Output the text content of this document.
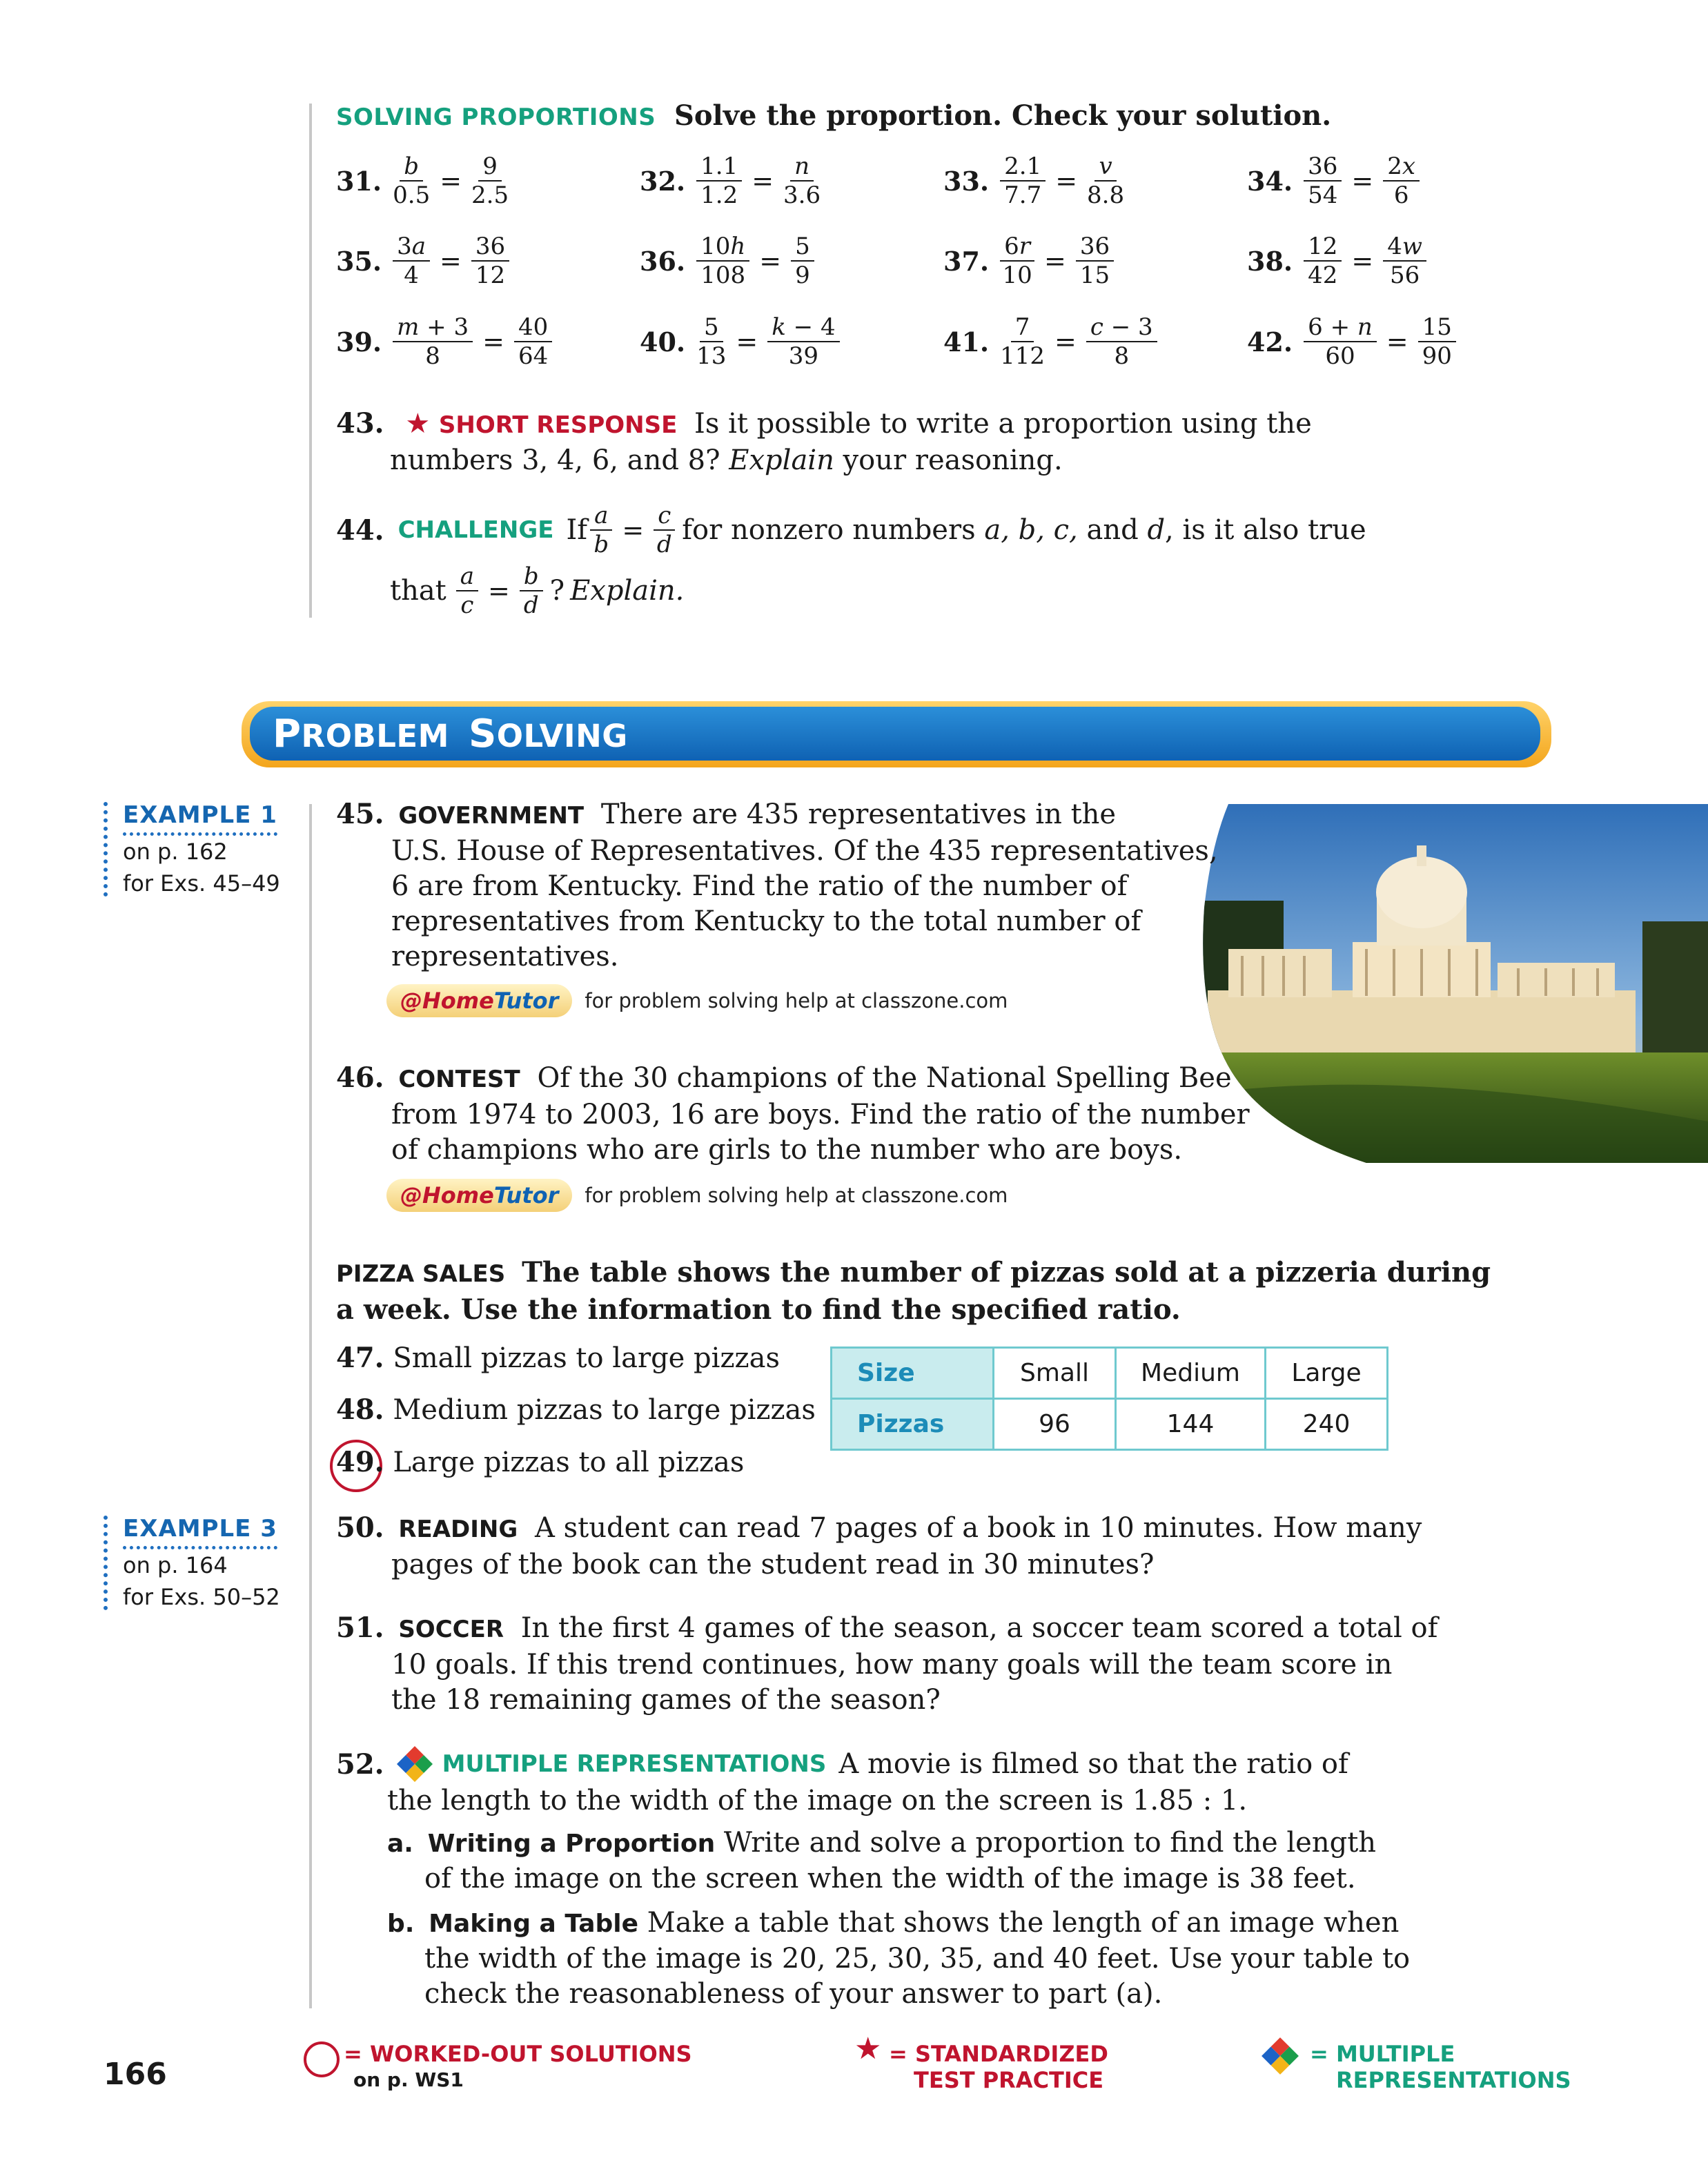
SOLVING PROPORTIONS Solve the proportion. Check your solution.
31. $\frac{b}{0.5} = \frac{9}{2.5}$	32. $\frac{1.1}{1.2} = \frac{n}{3.6}$	33. $\frac{2.1}{7.7} = \frac{v}{8.8}$	34. $\frac{36}{54} = \frac{2x}{6}$
35. $\frac{3a}{4} = \frac{36}{12}$	36. $\frac{10h}{108} = \frac{5}{9}$	37. $\frac{6r}{10} = \frac{36}{15}$	38. $\frac{12}{42} = \frac{4w}{56}$
39. $\frac{m + 3}{8} = \frac{40}{64}$	40. $\frac{5}{13} = \frac{k - 4}{39}$	41. $\frac{7}{112} = \frac{c - 3}{8}$	42. $\frac{6 + n}{60} = \frac{15}{90}$
43. ★ SHORT RESPONSE Is it possible to write a proportion using the
numbers 3, 4, 6, and 8? Explain your reasoning.
44. CHALLENGE If $\frac{a}{b} = \frac{c}{d}$ for nonzero numbers a, b, c, and d , is it also true
that $\frac{a}{c} = \frac{b}{d}$ ? Explain.
PROBLEM SOLVING
EXAMPLE 1
on p. 162
for Exs. 45–49
EXAMPLE 3
on p. 164
for Exs. 50–52
45. GOVERNMENT There are 435 representatives in the
U.S. House of Representatives. Of the 435 representatives,
6 are from Kentucky. Find the ratio of the number of
representatives from Kentucky to the total number of
representatives.
@HomeTutor	for problem solving help at classzone.com
46. CONTEST Of the 30 champions of the National Spelling Bee
from 1974 to 2003, 16 are boys. Find the ratio of the number
of champions who are girls to the number who are boys.
@HomeTutor	for problem solving help at classzone.com
PIZZA SALES The table shows the number of pizzas sold at a pizzeria during
a week. Use the information to find the specified ratio.
47. Small pizzas to large pizzas
48. Medium pizzas to large pizzas
49. Large pizzas to all pizzas
Size	Small	Medium	Large
Pizzas	96	144	240
50. READING A student can read 7 pages of a book in 10 minutes. How many
pages of the book can the student read in 30 minutes?
51. SOCCER In the first 4 games of the season, a soccer team scored a total of
10 goals. If this trend continues, how many goals will the team score in
the 18 remaining games of the season?
52. MULTIPLE REPRESENTATIONS A movie is filmed so that the ratio of
the length to the width of the image on the screen is 1.85 : 1.
a. Writing a Proportion Write and solve a proportion to find the length
of the image on the screen when the width of the image is 38 feet.
b. Making a Table Make a table that shows the length of an image when
the width of the image is 20, 25, 30, 35, and 40 feet. Use your table to
check the reasonableness of your answer to part (a).
166
= WORKED-OUT SOLUTIONS
on p. WS1
★ = STANDARDIZED
TEST PRACTICE
= MULTIPLE
REPRESENTATIONS
